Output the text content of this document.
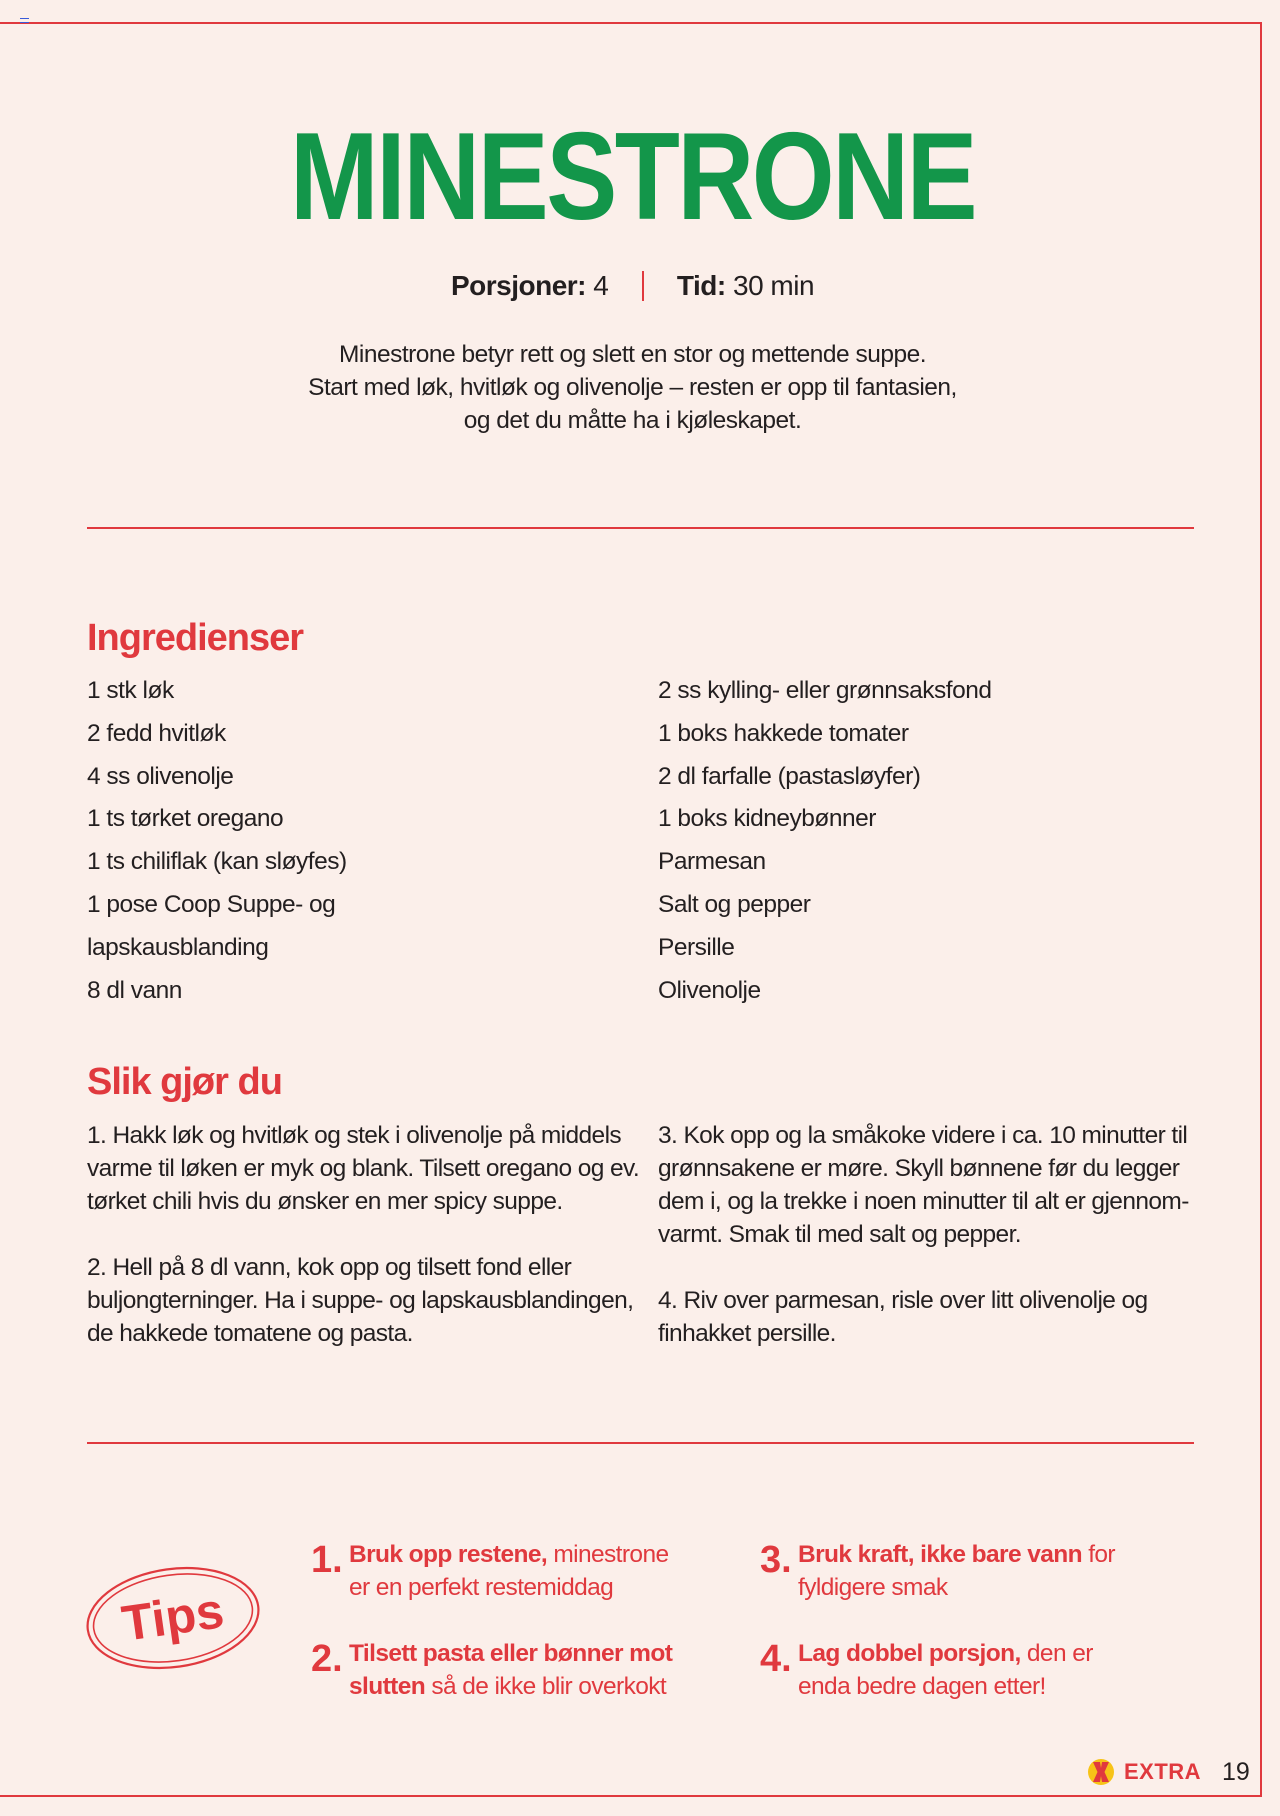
MINESTRONE
Porsjoner: 4 Tid: 30 min
Minestrone betyr rett og slett en stor og mettende suppe.
Start med løk, hvitløk og olivenolje – resten er opp til fantasien,
og det du måtte ha i kjøleskapet.
Ingredienser
1 stk løk
2 fedd hvitløk
4 ss olivenolje
1 ts tørket oregano
1 ts chiliflak (kan sløyfes)
1 pose Coop Suppe- og
lapskausblanding
8 dl vann
2 ss kylling- eller grønnsaksfond
1 boks hakkede tomater
2 dl farfalle (pastasløyfer)
1 boks kidneybønner
Parmesan
Salt og pepper
Persille
Olivenolje
Slik gjør du
1. Hakk løk og hvitløk og stek i olivenolje på middels
varme til løken er myk og blank. Tilsett oregano og ev.
tørket chili hvis du ønsker en mer spicy suppe.
2. Hell på 8 dl vann, kok opp og tilsett fond eller
buljongterninger. Ha i suppe- og lapskausblandingen,
de hakkede tomatene og pasta.
3. Kok opp og la småkoke videre i ca. 10 minutter til
grønnsakene er møre. Skyll bønnene før du legger
dem i, og la trekke i noen minutter til alt er gjennom-
varmt. Smak til med salt og pepper.
4. Riv over parmesan, risle over litt olivenolje og
finhakket persille.
Tips
1. Bruk opp restene, minestrone er en perfekt restemiddag
2. Tilsett pasta eller bønner mot slutten så de ikke blir overkokt
3. Bruk kraft, ikke bare vann for fyldigere smak
4. Lag dobbel porsjon, den er enda bedre dagen etter!
EXTRA 19
